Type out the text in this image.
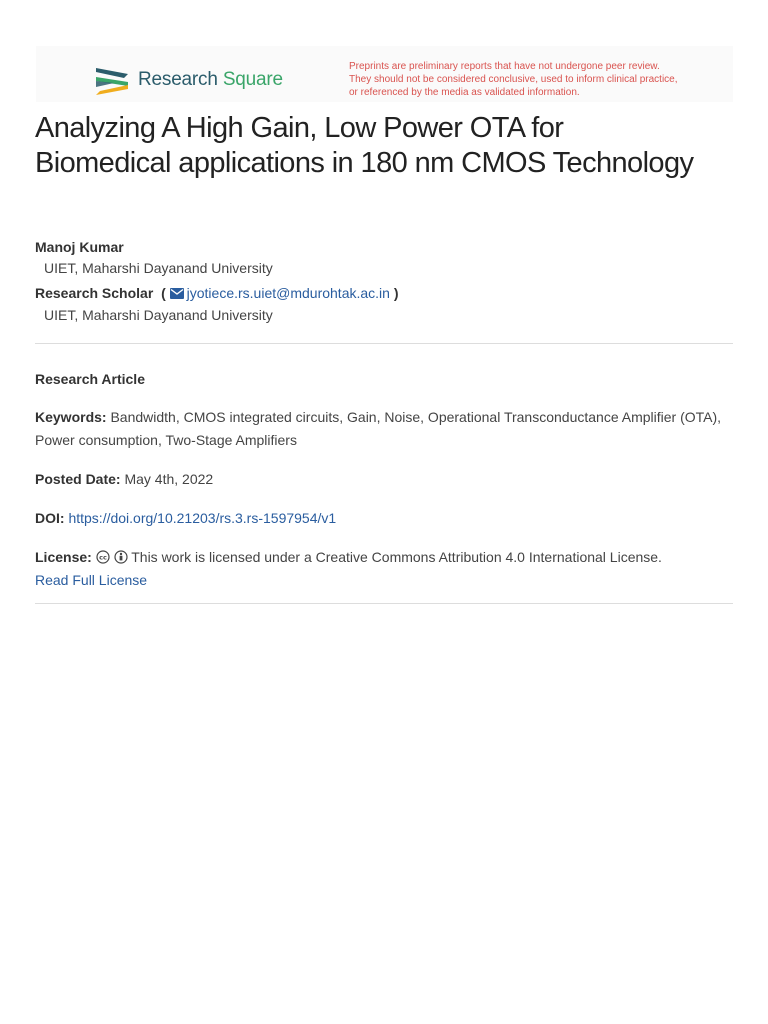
Research Square
Preprints are preliminary reports that have not undergone peer review.
They should not be considered conclusive, used to inform clinical practice,
or referenced by the media as validated information.
Analyzing A High Gain, Low Power OTA for Biomedical applications in 180 nm CMOS Technology
Manoj Kumar
UIET, Maharshi Dayanand University
Research Scholar  ( jyotiece.rs.uiet@mdurohtak.ac.in )
UIET, Maharshi Dayanand University
Research Article
Keywords: Bandwidth, CMOS integrated circuits, Gain, Noise, Operational Transconductance Amplifier (OTA), Power consumption, Two-Stage Amplifiers
Posted Date: May 4th, 2022
DOI: https://doi.org/10.21203/rs.3.rs-1597954/v1
License: cc This work is licensed under a Creative Commons Attribution 4.0 International License.
Read Full License
